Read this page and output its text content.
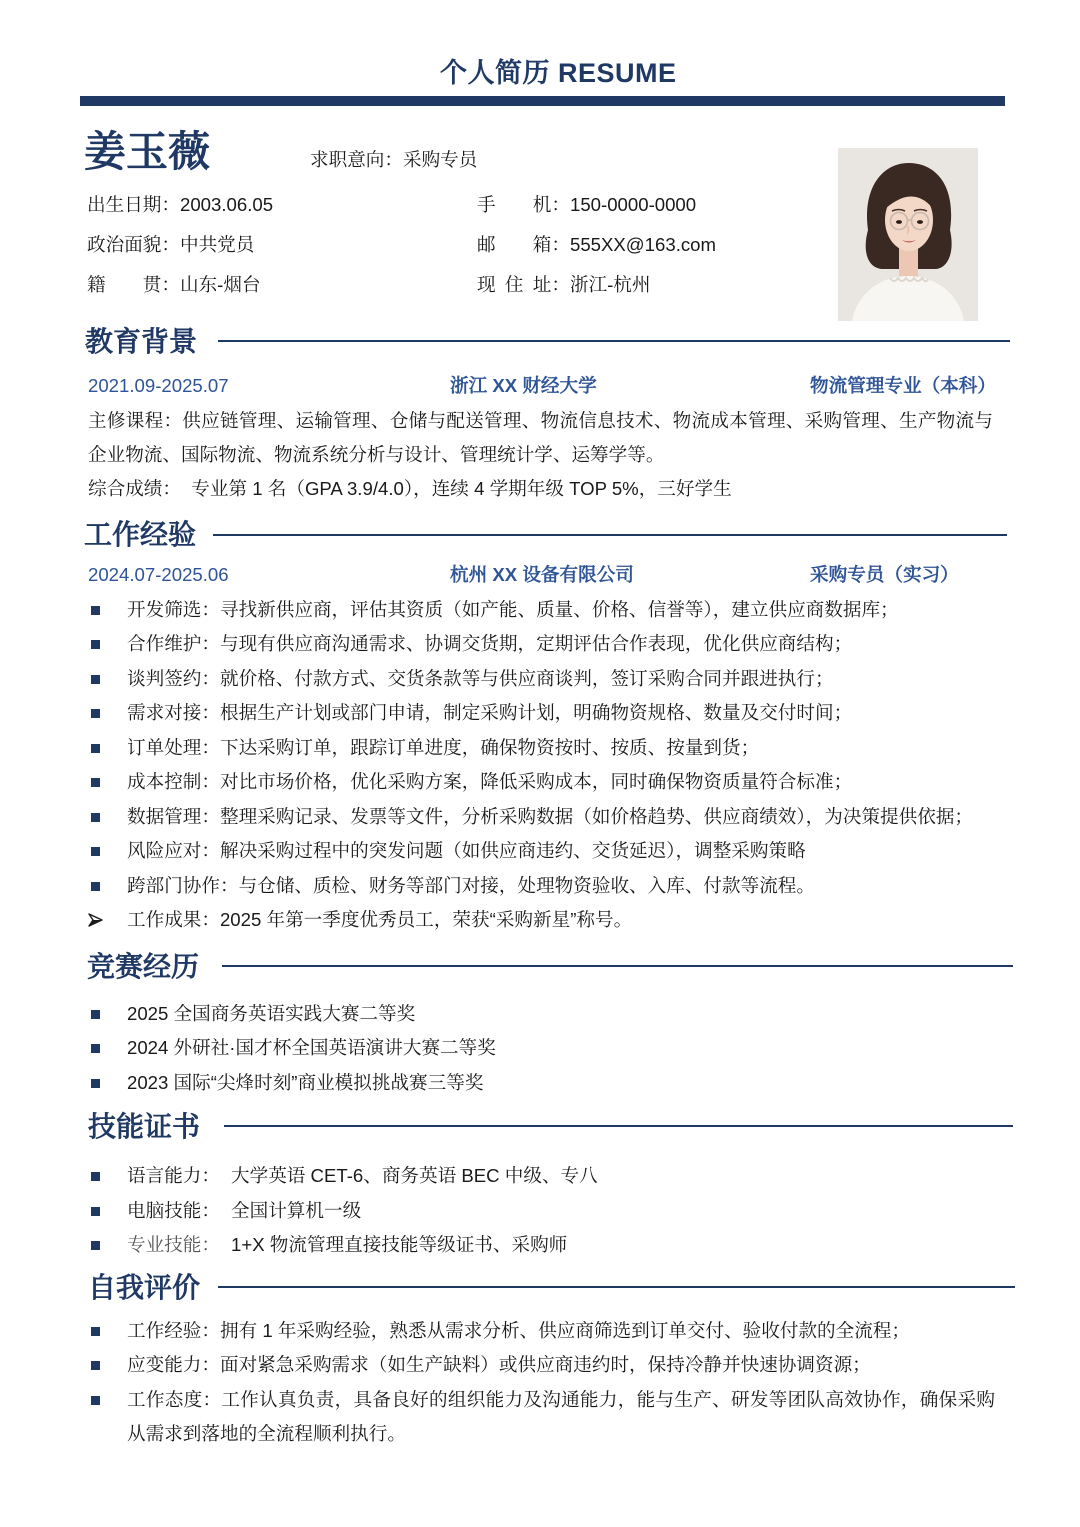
个人简历 RESUME
姜玉薇	求职意向：采购专员
出生日期：2003.06.05	手　　机：150-0000-0000
政治面貌：中共党员	邮　　箱：555XX@163.com
籍　　贯：山东-烟台	现 住 址：浙江-杭州
教育背景
2021.09-2025.07	浙江 XX 财经大学	物流管理专业（本科）
主修课程：供应链管理、运输管理、仓储与配送管理、物流信息技术、物流成本管理、采购管理、生产物流与企业物流、国际物流、物流系统分析与设计、管理统计学、运筹学等。
综合成绩：  专业第 1 名（GPA 3.9/4.0），连续 4 学期年级 TOP 5%，三好学生
工作经验
2024.07-2025.06	杭州 XX 设备有限公司	采购专员（实习）
开发筛选：寻找新供应商，评估其资质（如产能、质量、价格、信誉等），建立供应商数据库；
合作维护：与现有供应商沟通需求、协调交货期，定期评估合作表现，优化供应商结构；
谈判签约：就价格、付款方式、交货条款等与供应商谈判，签订采购合同并跟进执行；
需求对接：根据生产计划或部门申请，制定采购计划，明确物资规格、数量及交付时间；
订单处理：下达采购订单，跟踪订单进度，确保物资按时、按质、按量到货；
成本控制：对比市场价格，优化采购方案，降低采购成本，同时确保物资质量符合标准；
数据管理：整理采购记录、发票等文件，分析采购数据（如价格趋势、供应商绩效），为决策提供依据；
风险应对：解决采购过程中的突发问题（如供应商违约、交货延迟），调整采购策略
跨部门协作：与仓储、质检、财务等部门对接，处理物资验收、入库、付款等流程。
工作成果：2025 年第一季度优秀员工，荣获“采购新星”称号。
竞赛经历
2025 全国商务英语实践大赛二等奖
2024 外研社·国才杯全国英语演讲大赛二等奖
2023 国际“尖烽时刻”商业模拟挑战赛三等奖
技能证书
语言能力： 大学英语 CET-6、商务英语 BEC 中级、专八
电脑技能： 全国计算机一级
专业技能： 1+X 物流管理直接技能等级证书、采购师
自我评价
工作经验：拥有 1 年采购经验，熟悉从需求分析、供应商筛选到订单交付、验收付款的全流程；
应变能力：面对紧急采购需求（如生产缺料）或供应商违约时，保持冷静并快速协调资源；
工作态度：工作认真负责，具备良好的组织能力及沟通能力，能与生产、研发等团队高效协作，确保采购从需求到落地的全流程顺利执行。
